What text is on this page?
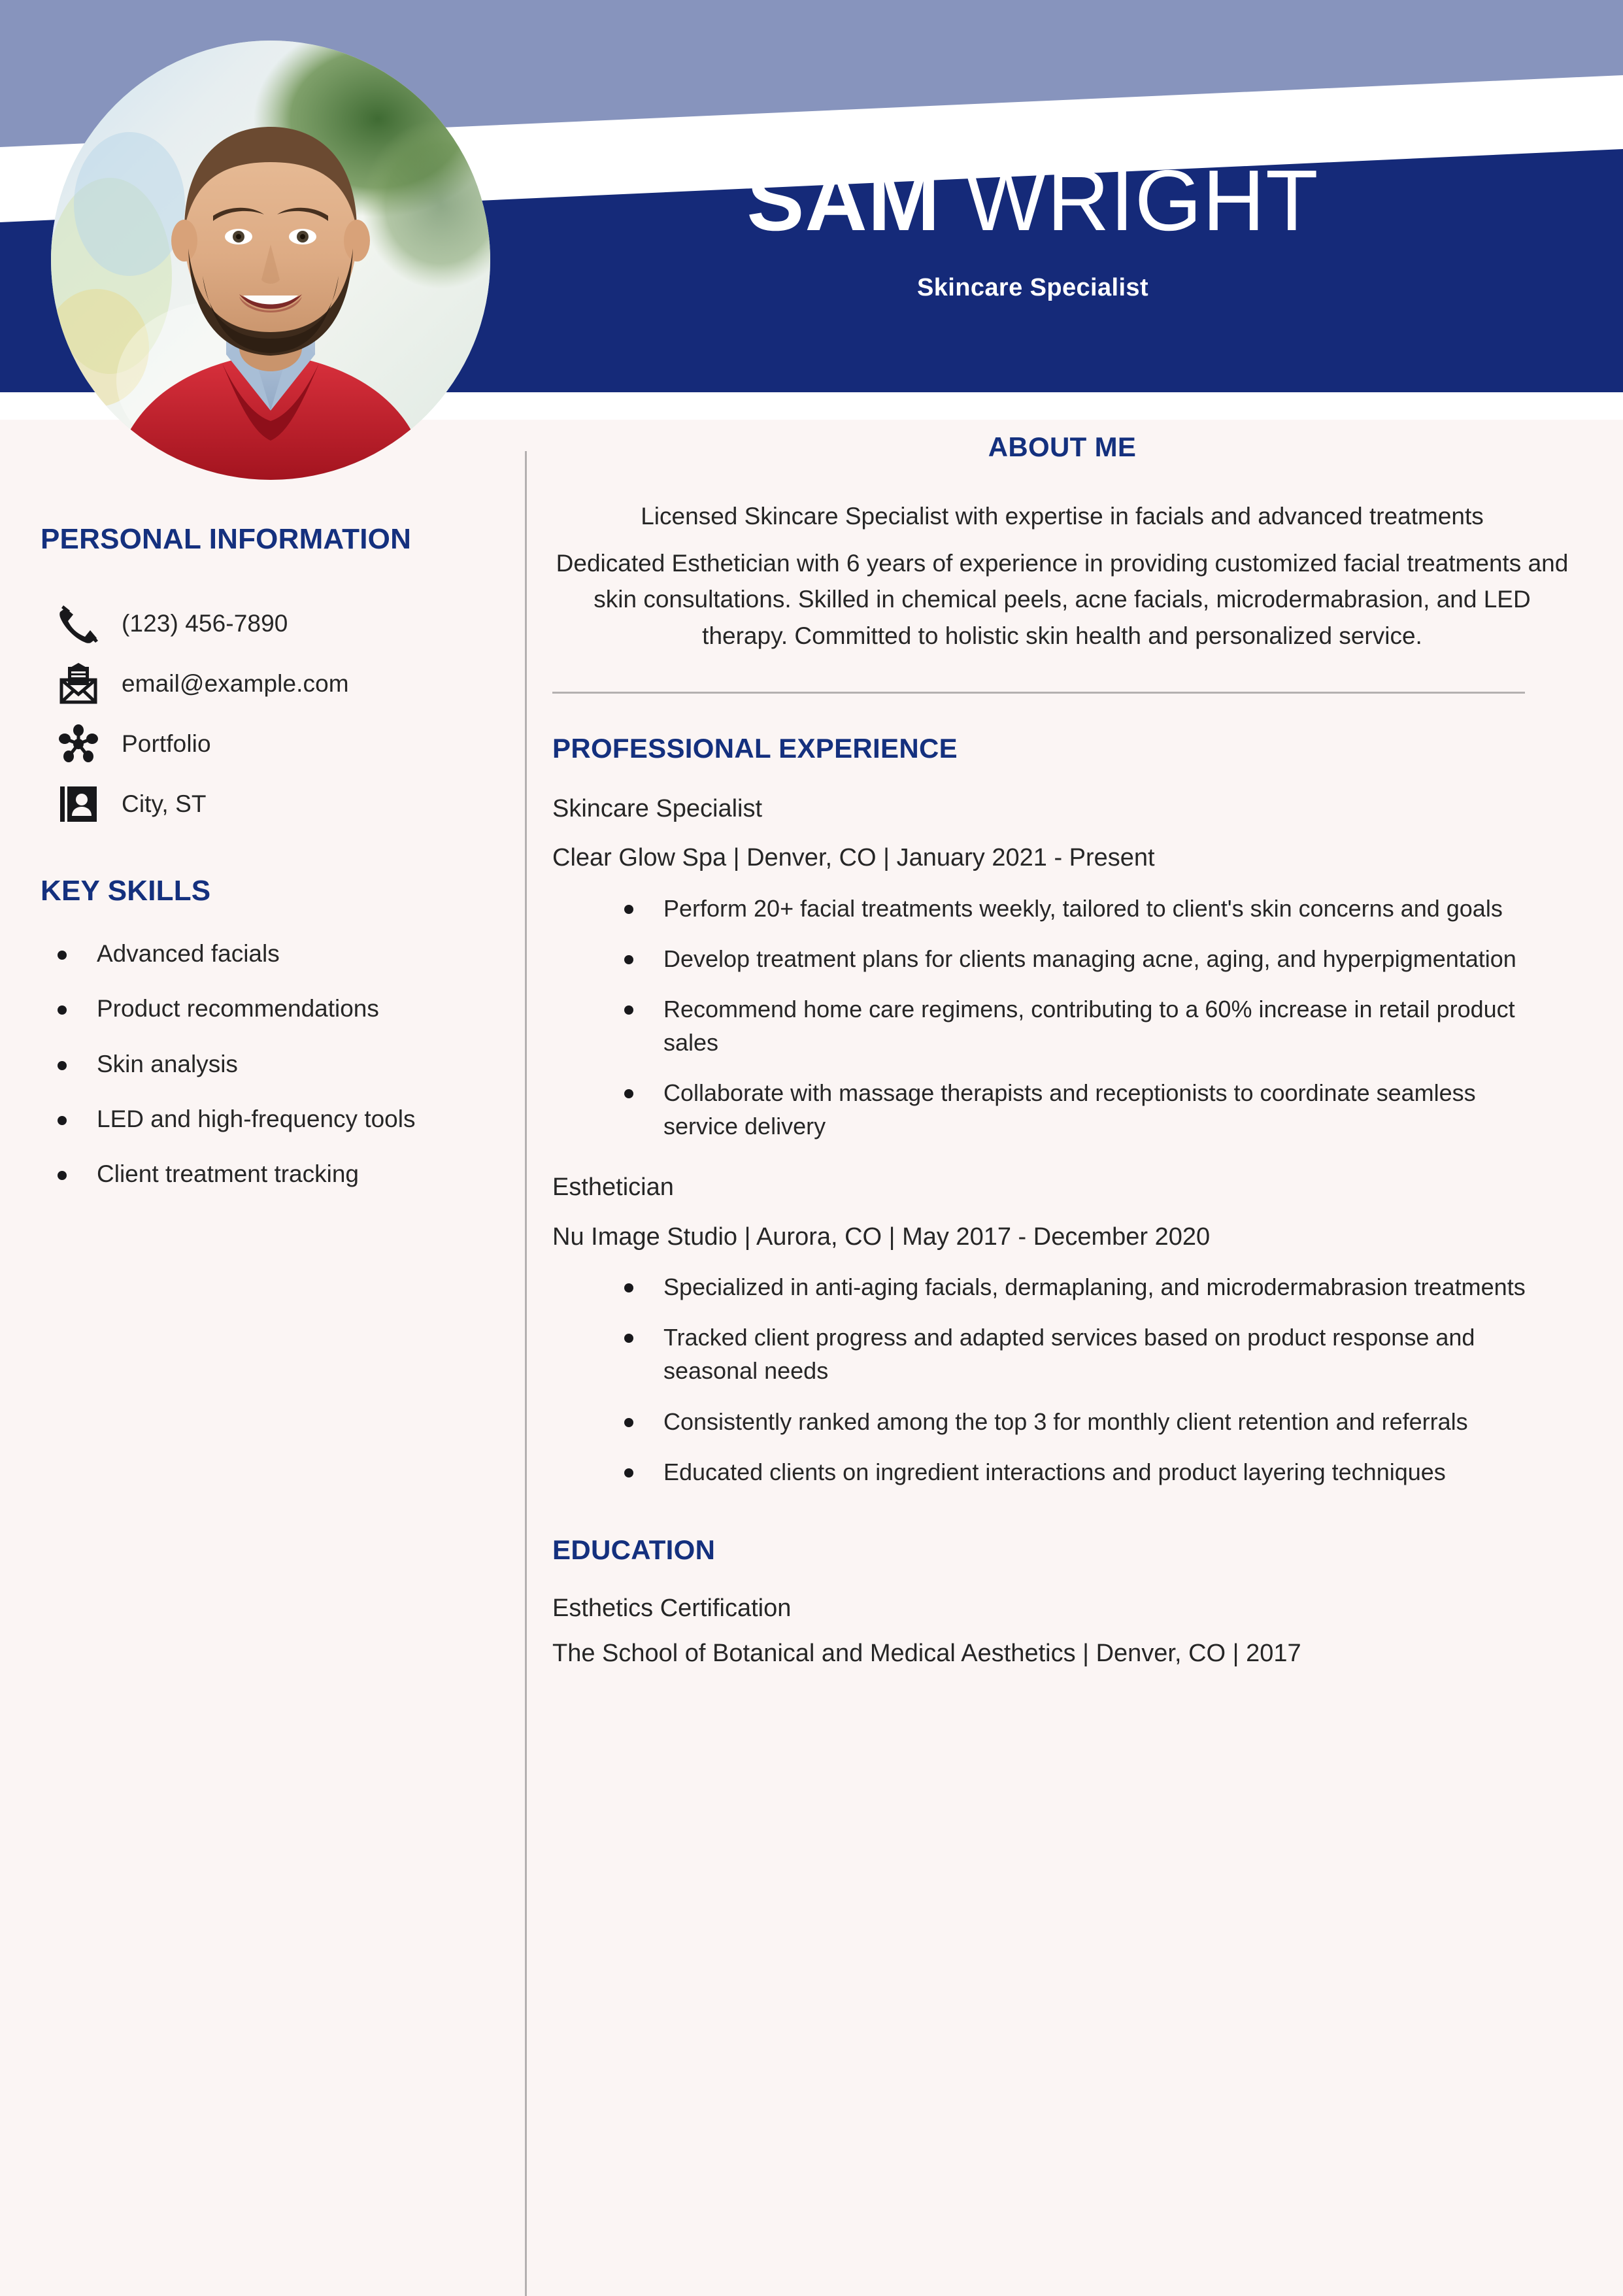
SAM WRIGHT
Skincare Specialist
PERSONAL INFORMATION
(123) 456-7890
email@example.com
Portfolio
City, ST
KEY SKILLS
Advanced facials
Product recommendations
Skin analysis
LED and high-frequency tools
Client treatment tracking
ABOUT ME
Licensed Skincare Specialist with expertise in facials and advanced treatments
Dedicated Esthetician with 6 years of experience in providing customized facial treatments and skin consultations. Skilled in chemical peels, acne facials, microdermabrasion, and LED therapy. Committed to holistic skin health and personalized service.
PROFESSIONAL EXPERIENCE
Skincare Specialist
Clear Glow Spa | Denver, CO | January 2021 - Present
Perform 20+ facial treatments weekly, tailored to client's skin concerns and goals
Develop treatment plans for clients managing acne, aging, and hyperpigmentation
Recommend home care regimens, contributing to a 60% increase in retail product sales
Collaborate with massage therapists and receptionists to coordinate seamless service delivery
Esthetician
Nu Image Studio | Aurora, CO | May 2017 - December 2020
Specialized in anti-aging facials, dermaplaning, and microdermabrasion treatments
Tracked client progress and adapted services based on product response and seasonal needs
Consistently ranked among the top 3 for monthly client retention and referrals
Educated clients on ingredient interactions and product layering techniques
EDUCATION
Esthetics Certification
The School of Botanical and Medical Aesthetics | Denver, CO | 2017
